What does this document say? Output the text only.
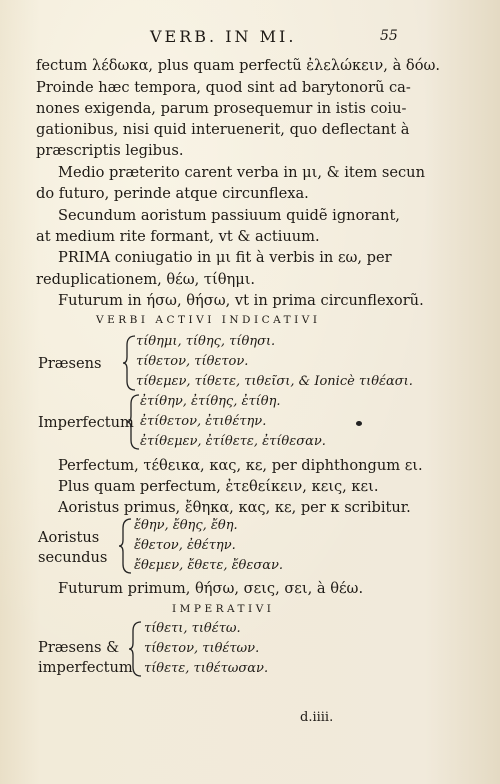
VERB. IN MI.	55
fectum λέδωκα, plus quam perfectũ ἐλελώκειν, à δόω.
Proinde hæc tempora, quod sint ad barytonorũ ca-
nones exigenda, parum prosequemur in istis coiu-
gationibus, nisi quid interuenerit, quo deflectant à
præscriptis legibus.
Medio præterito carent verba in μι, & item secun
do futuro, perinde atque circunflexa.
Secundum aoristum passiuum quidẽ ignorant,
at medium rite formant, vt & actiuum.
PRIMA coniugatio in μι fit à verbis in εω, per
reduplicationem, θέω, τίθημι.
Futurum in ήσω, θήσω, vt in prima circunflexorũ.
VERBI ACTIVI INDICATIVI
Præsens
τίθημι, τίθης, τίθησι.
τίθετον, τίθετον.
τίθεμεν, τίθετε, τιθεῖσι, & Ionicè τιθέασι.
Imperfectum
ἐτίθην, ἐτίθης, ἐτίθη.
ἐτίθετον, ἐτιθέτην.
ἐτίθεμεν, ἐτίθετε, ἐτίθεσαν.
Perfectum, τέθεικα, κας, κε, per diphthongum ει.
Plus quam perfectum, ἐτεθείκειν, κεις, κει.
Aoristus primus, ἔθηκα, κας, κε, per κ scribitur.
Aoristus
secundus
ἔθην, ἔθης, ἔθη.
ἔθετον, ἐθέτην.
ἔθεμεν, ἔθετε, ἔθεσαν.
Futurum primum, θήσω, σεις, σει, à θέω.
IMPERATIVI
Præsens &
imperfectum
τίθετι, τιθέτω.
τίθετον, τιθέτων.
τίθετε, τιθέτωσαν.
d.iiii.
